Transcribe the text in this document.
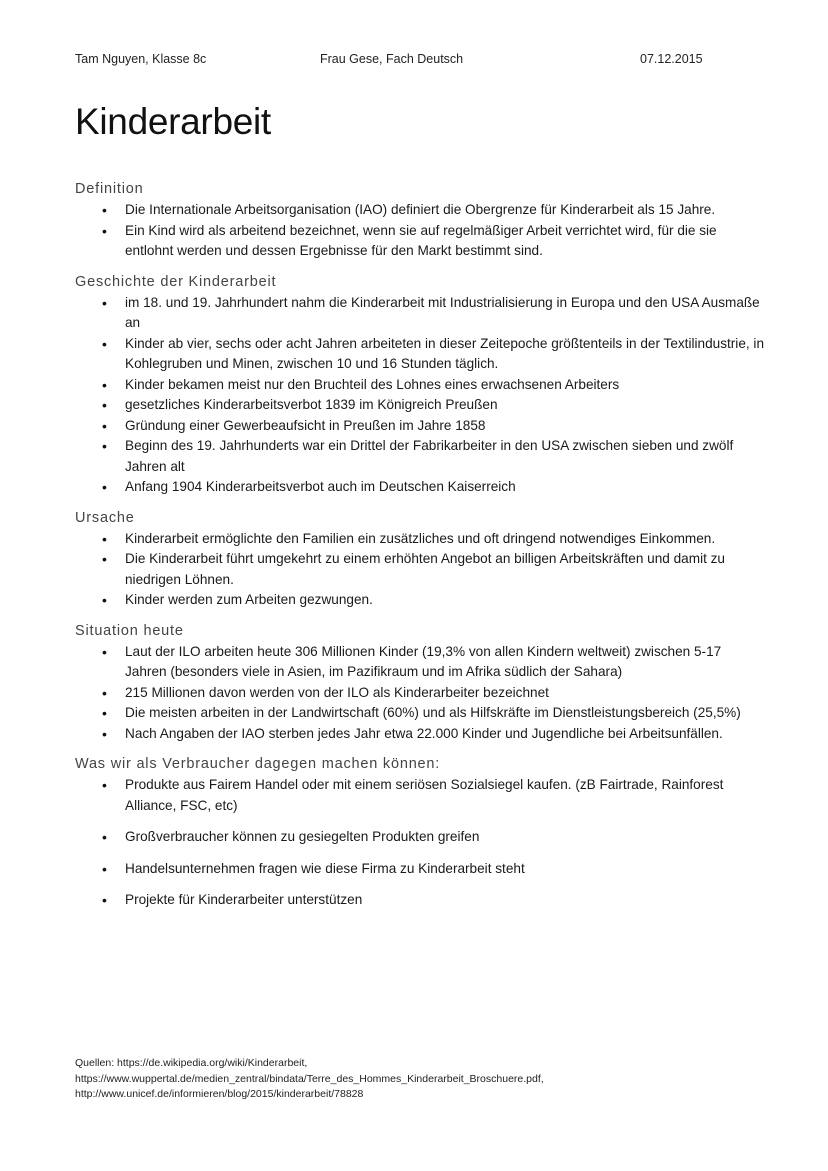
Tam Nguyen, Klasse 8c	Frau Gese, Fach Deutsch	07.12.2015
Kinderarbeit
Definition
• Die Internationale Arbeitsorganisation (IAO) definiert die Obergrenze für Kinderarbeit als 15 Jahre.
• Ein Kind wird als arbeitend bezeichnet, wenn sie auf regelmäßiger Arbeit verrichtet wird, für die sie entlohnt werden und dessen Ergebnisse für den Markt bestimmt sind.
Geschichte der Kinderarbeit
• im 18. und 19. Jahrhundert nahm die Kinderarbeit mit Industrialisierung in Europa und den USA Ausmaße an
• Kinder ab vier, sechs oder acht Jahren arbeiteten in dieser Zeitepoche größtenteils in der Textilindustrie, in Kohlegruben und Minen, zwischen 10 und 16 Stunden täglich.
• Kinder bekamen meist nur den Bruchteil des Lohnes eines erwachsenen Arbeiters
• gesetzliches Kinderarbeitsverbot 1839 im Königreich Preußen
• Gründung einer Gewerbeaufsicht in Preußen im Jahre 1858
• Beginn des 19. Jahrhunderts war ein Drittel der Fabrikarbeiter in den USA zwischen sieben und zwölf Jahren alt
• Anfang 1904 Kinderarbeitsverbot auch im Deutschen Kaiserreich
Ursache
• Kinderarbeit ermöglichte den Familien ein zusätzliches und oft dringend notwendiges Einkommen.
• Die Kinderarbeit führt umgekehrt zu einem erhöhten Angebot an billigen Arbeitskräften und damit zu niedrigen Löhnen.
• Kinder werden zum Arbeiten gezwungen.
Situation heute
• Laut der ILO arbeiten heute 306 Millionen Kinder (19,3% von allen Kindern weltweit) zwischen 5-17 Jahren (besonders viele in Asien, im Pazifikraum und im Afrika südlich der Sahara)
• 215 Millionen davon werden von der ILO als Kinderarbeiter bezeichnet
• Die meisten arbeiten in der Landwirtschaft (60%) und als Hilfskräfte im Dienstleistungsbereich (25,5%)
• Nach Angaben der IAO sterben jedes Jahr etwa 22.000 Kinder und Jugendliche bei Arbeitsunfällen.
Was wir als Verbraucher dagegen machen können:
• Produkte aus Fairem Handel oder mit einem seriösen Sozialsiegel kaufen. (zB Fairtrade, Rainforest Alliance, FSC, etc)
• Großverbraucher können zu gesiegelten Produkten greifen
• Handelsunternehmen fragen wie diese Firma zu Kinderarbeit steht
• Projekte für Kinderarbeiter unterstützen
Quellen: https://de.wikipedia.org/wiki/Kinderarbeit,
https://www.wuppertal.de/medien_zentral/bindata/Terre_des_Hommes_Kinderarbeit_Broschuere.pdf,
http://www.unicef.de/informieren/blog/2015/kinderarbeit/78828
